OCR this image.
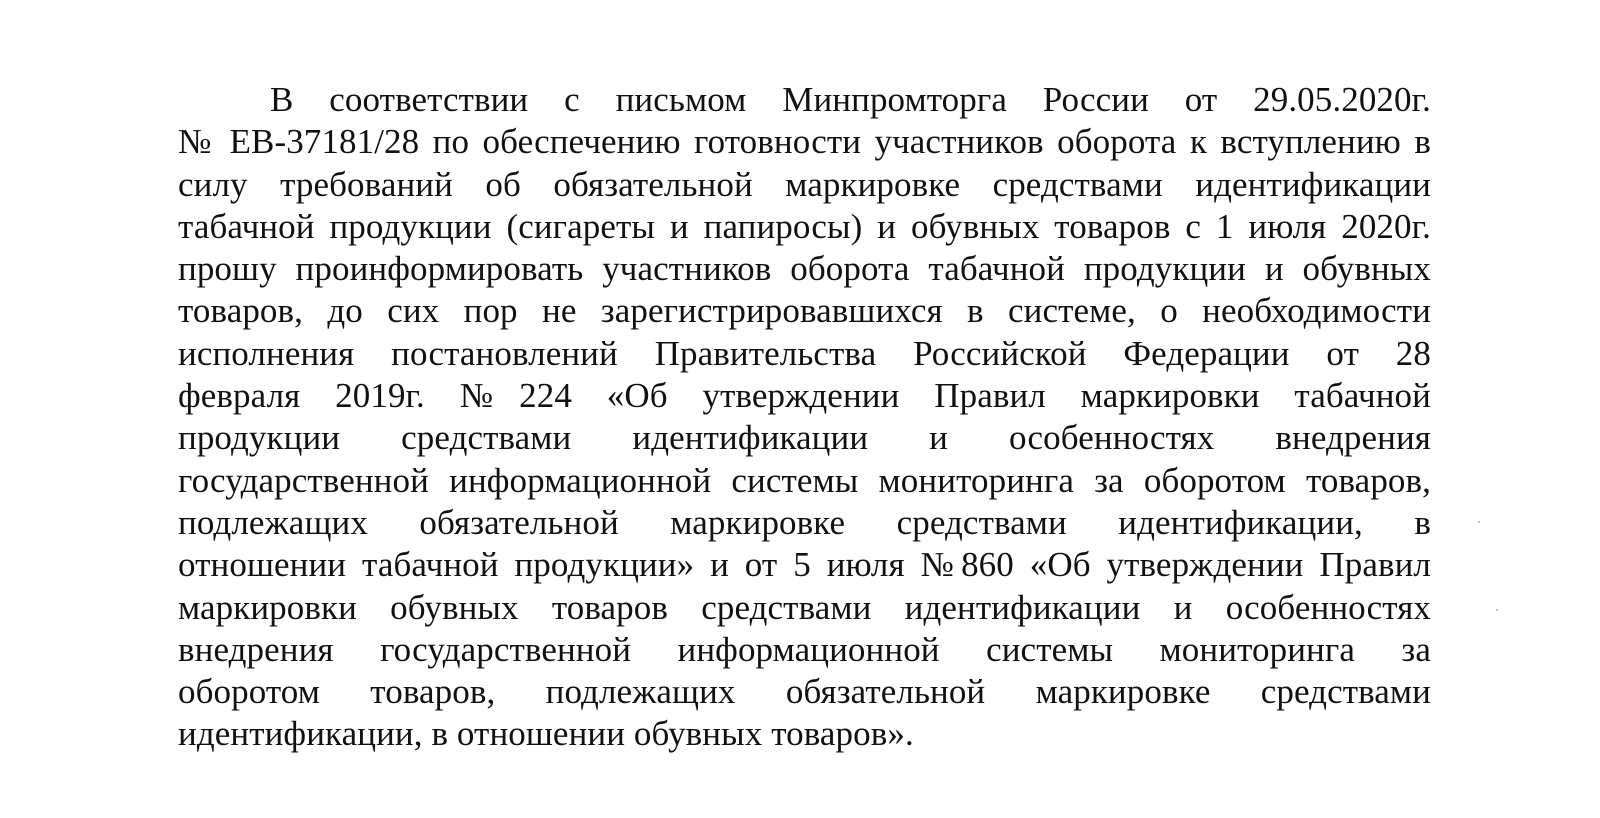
В соответствии с письмом Минпромторга России от 29.05.2020г.
№ ЕВ-37181/28 по обеспечению готовности участников оборота к вступлению в
силу требований об обязательной маркировке средствами идентификации
табачной продукции (сигареты и папиросы) и обувных товаров с 1 июля 2020г.
прошу проинформировать участников оборота табачной продукции и обувных
товаров, до сих пор не зарегистрировавшихся в системе, о необходимости
исполнения постановлений Правительства Российской Федерации от 28
февраля 2019г. №224 «Об утверждении Правил маркировки табачной
продукции средствами идентификации и особенностях внедрения
государственной информационной системы мониторинга за оборотом товаров,
подлежащих обязательной маркировке средствами идентификации, в
отношении табачной продукции» и от 5 июля №860 «Об утверждении Правил
маркировки обувных товаров средствами идентификации и особенностях
внедрения государственной информационной системы мониторинга за
оборотом товаров, подлежащих обязательной маркировке средствами
идентификации, в отношении обувных товаров».
